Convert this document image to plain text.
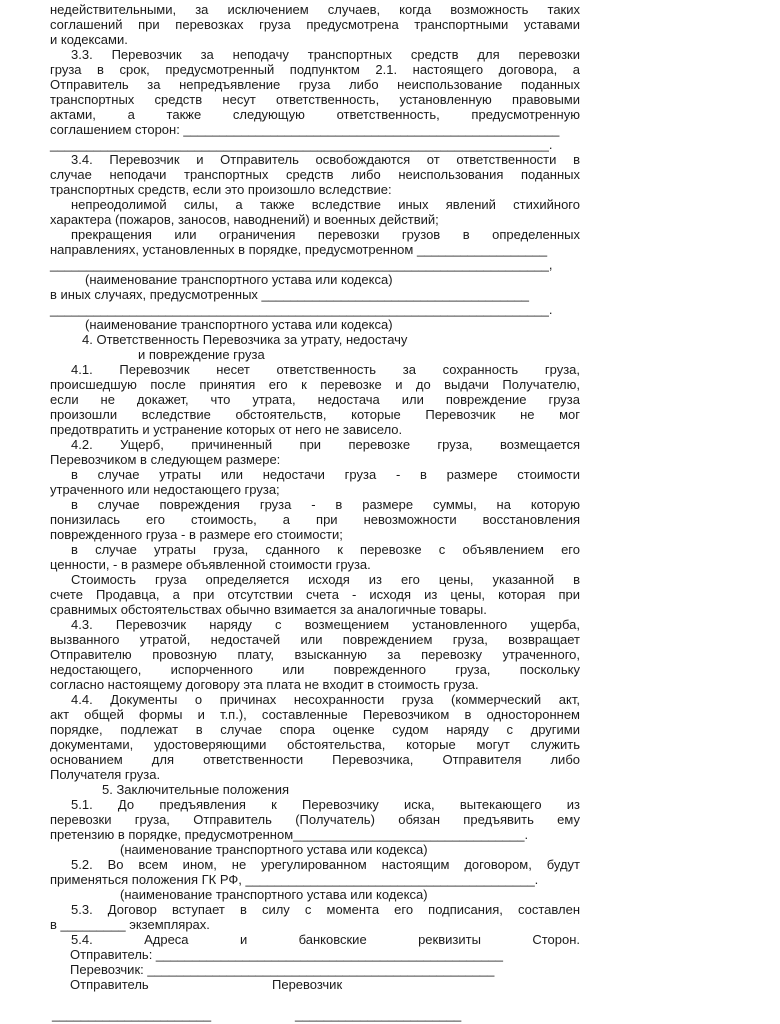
недействительными, за исключением случаев, когда возможность таких
соглашений при перевозках груза предусмотрена транспортными уставами
и кодексами.
3.3. Перевозчик за неподачу транспортных средств для перевозки
груза в срок, предусмотренный подпунктом 2.1. настоящего договора, а
Отправитель за непредъявление груза либо неиспользование поданных
транспортных средств несут ответственность, установленную правовыми
актами, а также следующую ответственность, предусмотренную
соглашением сторон: ____________________________________________________
_____________________________________________________________________.
3.4. Перевозчик и Отправитель освобождаются от ответственности в
случае неподачи транспортных средств либо неиспользования поданных
транспортных средств, если это произошло вследствие:
непреодолимой силы, а также вследствие иных явлений стихийного
характера (пожаров, заносов, наводнений) и военных действий;
прекращения или ограничения перевозки грузов в определенных
направлениях, установленных в порядке, предусмотренном __________________
_____________________________________________________________________,
(наименование транспортного устава или кодекса)
в иных случаях, предусмотренных _____________________________________
_____________________________________________________________________.
(наименование транспортного устава или кодекса)
4. Ответственность Перевозчика за утрату, недостачу
и повреждение груза
4.1. Перевозчик несет ответственность за сохранность груза,
происшедшую после принятия его к перевозке и до выдачи Получателю,
если не докажет, что утрата, недостача или повреждение груза
произошли вследствие обстоятельств, которые Перевозчик не мог
предотвратить и устранение которых от него не зависело.
4.2. Ущерб, причиненный при перевозке груза, возмещается
Перевозчиком в следующем размере:
в случае утраты или недостачи груза - в размере стоимости
утраченного или недостающего груза;
в случае повреждения груза - в размере суммы, на которую
понизилась его стоимость, а при невозможности восстановления
поврежденного груза - в размере его стоимости;
в случае утраты груза, сданного к перевозке с объявлением его
ценности, - в размере объявленной стоимости груза.
Стоимость груза определяется исходя из его цены, указанной в
счете Продавца, а при отсутствии счета - исходя из цены, которая при
сравнимых обстоятельствах обычно взимается за аналогичные товары.
4.3. Перевозчик наряду с возмещением установленного ущерба,
вызванного утратой, недостачей или повреждением груза, возвращает
Отправителю провозную плату, взысканную за перевозку утраченного,
недостающего, испорченного или поврежденного груза, поскольку
согласно настоящему договору эта плата не входит в стоимость груза.
4.4. Документы о причинах несохранности груза (коммерческий акт,
акт общей формы и т.п.), составленные Перевозчиком в одностороннем
порядке, подлежат в случае спора оценке судом наряду с другими
документами, удостоверяющими обстоятельства, которые могут служить
основанием для ответственности Перевозчика, Отправителя либо
Получателя груза.
5. Заключительные положения
5.1. До предъявления к Перевозчику иска, вытекающего из
перевозки груза, Отправитель (Получатель) обязан предъявить ему
претензию в порядке, предусмотренном________________________________.
(наименование транспортного устава или кодекса)
5.2. Во всем ином, не урегулированном настоящим договором, будут
применяться положения ГК РФ, ________________________________________.
(наименование транспортного устава или кодекса)
5.3. Договор вступает в силу с момента его подписания, составлен
в _________ экземплярах.
5.4. Адреса и банковские реквизиты Сторон.
Отправитель: ________________________________________________
Перевозчик: ________________________________________________
Отправитель	Перевозчик
______________________	_______________________
